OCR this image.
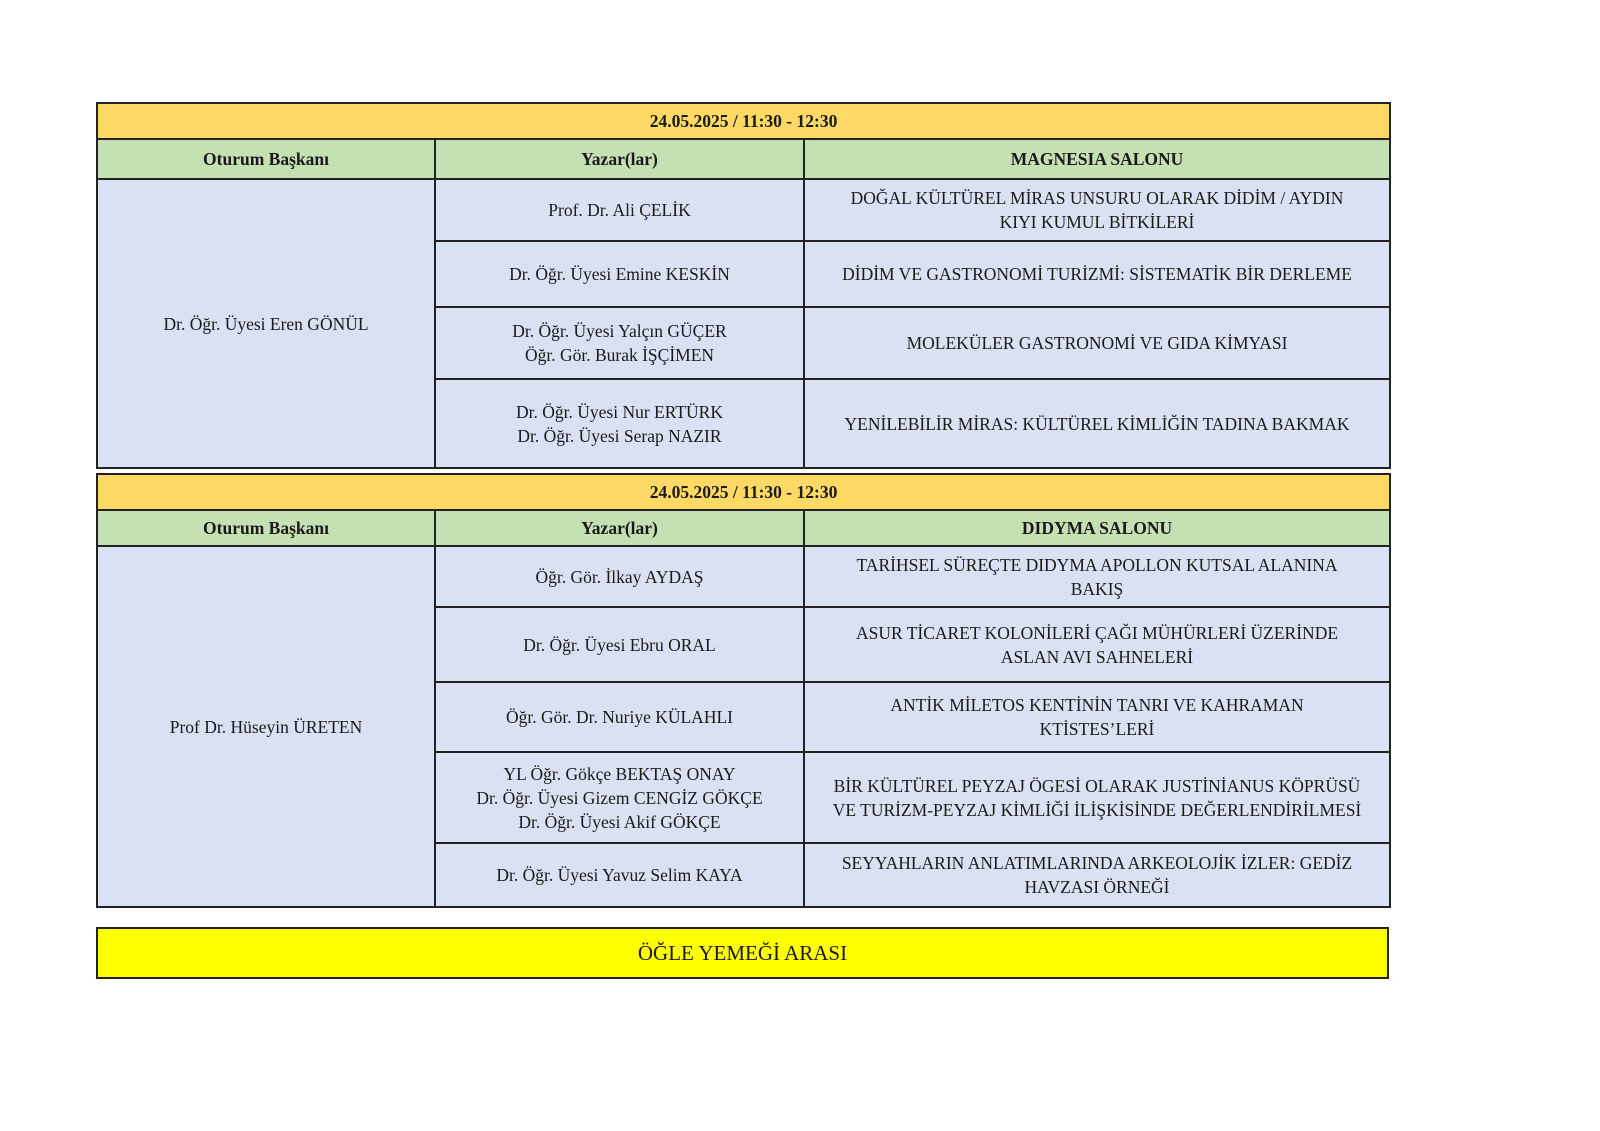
24.05.2025 / 11:30 - 12:30		
Oturum Başkanı	Yazar(lar)	MAGNESIA SALONU
Dr. Öğr. Üyesi Eren GÖNÜL	Prof. Dr. Ali ÇELİK	DOĞAL KÜLTÜREL MİRAS UNSURU OLARAK DİDİM / AYDIN
KIYI KUMUL BİTKİLERİ

	Dr. Öğr. Üyesi Emine KESKİN	DİDİM VE GASTRONOMİ TURİZMİ: SİSTEMATİK BİR DERLEME

	Dr. Öğr. Üyesi Yalçın GÜÇER
Öğr. Gör. Burak İŞÇİMEN	MOLEKÜLER GASTRONOMİ VE GIDA KİMYASI

	Dr. Öğr. Üyesi Nur ERTÜRK
Dr. Öğr. Üyesi Serap NAZIR	YENİLEBİLİR MİRAS: KÜLTÜREL KİMLİĞİN TADINA BAKMAK
24.05.2025 / 11:30 - 12:30		
Oturum Başkanı	Yazar(lar)	DIDYMA SALONU
Prof Dr. Hüseyin ÜRETEN	Öğr. Gör. İlkay AYDAŞ	TARİHSEL SÜREÇTE DIDYMA APOLLON KUTSAL ALANINA
BAKIŞ

	Dr. Öğr. Üyesi Ebru ORAL	ASUR TİCARET KOLONİLERİ ÇAĞI MÜHÜRLERİ ÜZERİNDE
ASLAN AVI SAHNELERİ

	Öğr. Gör. Dr. Nuriye KÜLAHLI	ANTİK MİLETOS KENTİNİN TANRI VE KAHRAMAN
KTİSTES’LERİ

	YL Öğr. Gökçe BEKTAŞ ONAY
Dr. Öğr. Üyesi Gizem CENGİZ GÖKÇE
Dr. Öğr. Üyesi Akif GÖKÇE	BİR KÜLTÜREL PEYZAJ ÖGESİ OLARAK JUSTİNİANUS KÖPRÜSÜ
VE TURİZM-PEYZAJ KİMLİĞİ İLİŞKİSİNDE DEĞERLENDİRİLMESİ

	Dr. Öğr. Üyesi Yavuz Selim KAYA	SEYYAHLARIN ANLATIMLARINDA ARKEOLOJİK İZLER: GEDİZ
HAVZASI ÖRNEĞİ
ÖĞLE YEMEĞİ ARASI
